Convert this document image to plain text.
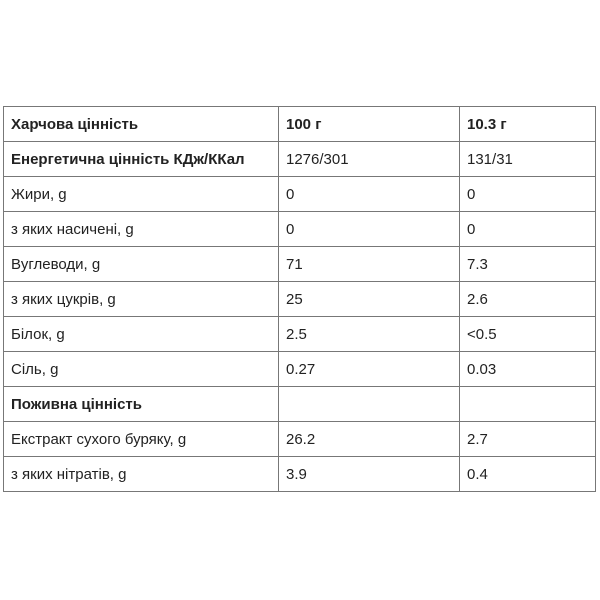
Харчова цінність	100 г	10.3 г
Енергетична цінність КДж/ККал	1276/301	131/31
Жири, g	0	0
з яких насичені, g	0	0
Вуглеводи, g	71	7.3
з яких цукрів, g	25	2.6
Білок, g	2.5	<0.5
Сіль, g	0.27	0.03
Поживна цінність		
Екстракт сухого буряку, g	26.2	2.7
з яких нітратів, g	3.9	0.4
